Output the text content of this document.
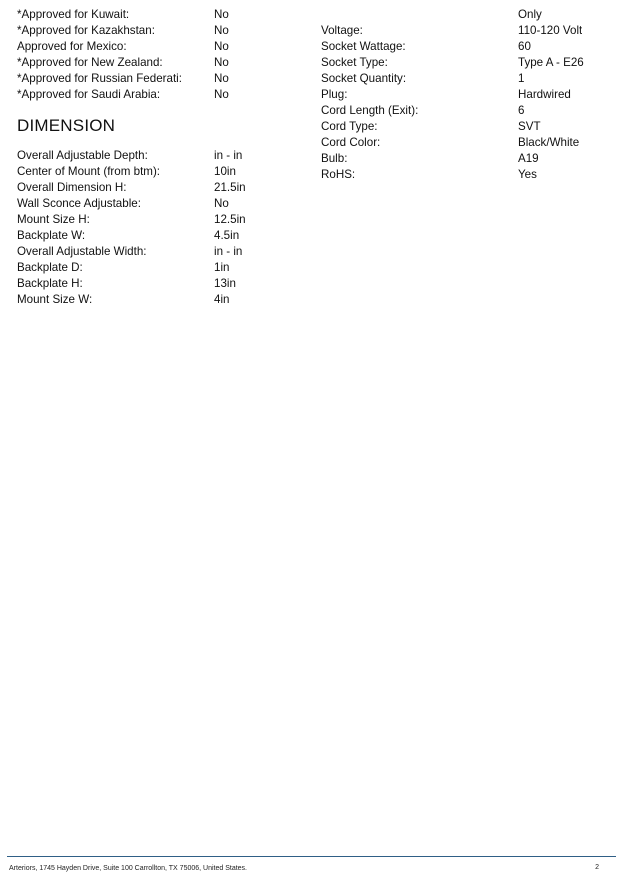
*Approved for Kuwait:	No
*Approved for Kazakhstan:	No
Approved for Mexico:	No
*Approved for New Zealand:	No
*Approved for Russian Federati:	No
*Approved for Saudi Arabia:	No
DIMENSION
Overall Adjustable Depth:	in - in
Center of Mount (from btm):	10in
Overall Dimension H:	21.5in
Wall Sconce Adjustable:	No
Mount Size H:	12.5in
Backplate W:	4.5in
Overall Adjustable Width:	in - in
Backplate D:	1in
Backplate H:	13in
Mount Size W:	4in
Only
Voltage:	110-120 Volt
Socket Wattage:	60
Socket Type:	Type A - E26
Socket Quantity:	1
Plug:	Hardwired
Cord Length (Exit):	6
Cord Type:	SVT
Cord Color:	Black/White
Bulb:	A19
RoHS:	Yes
Arteriors, 1745 Hayden Drive, Suite 100 Carrollton, TX 75006, United States.	2
